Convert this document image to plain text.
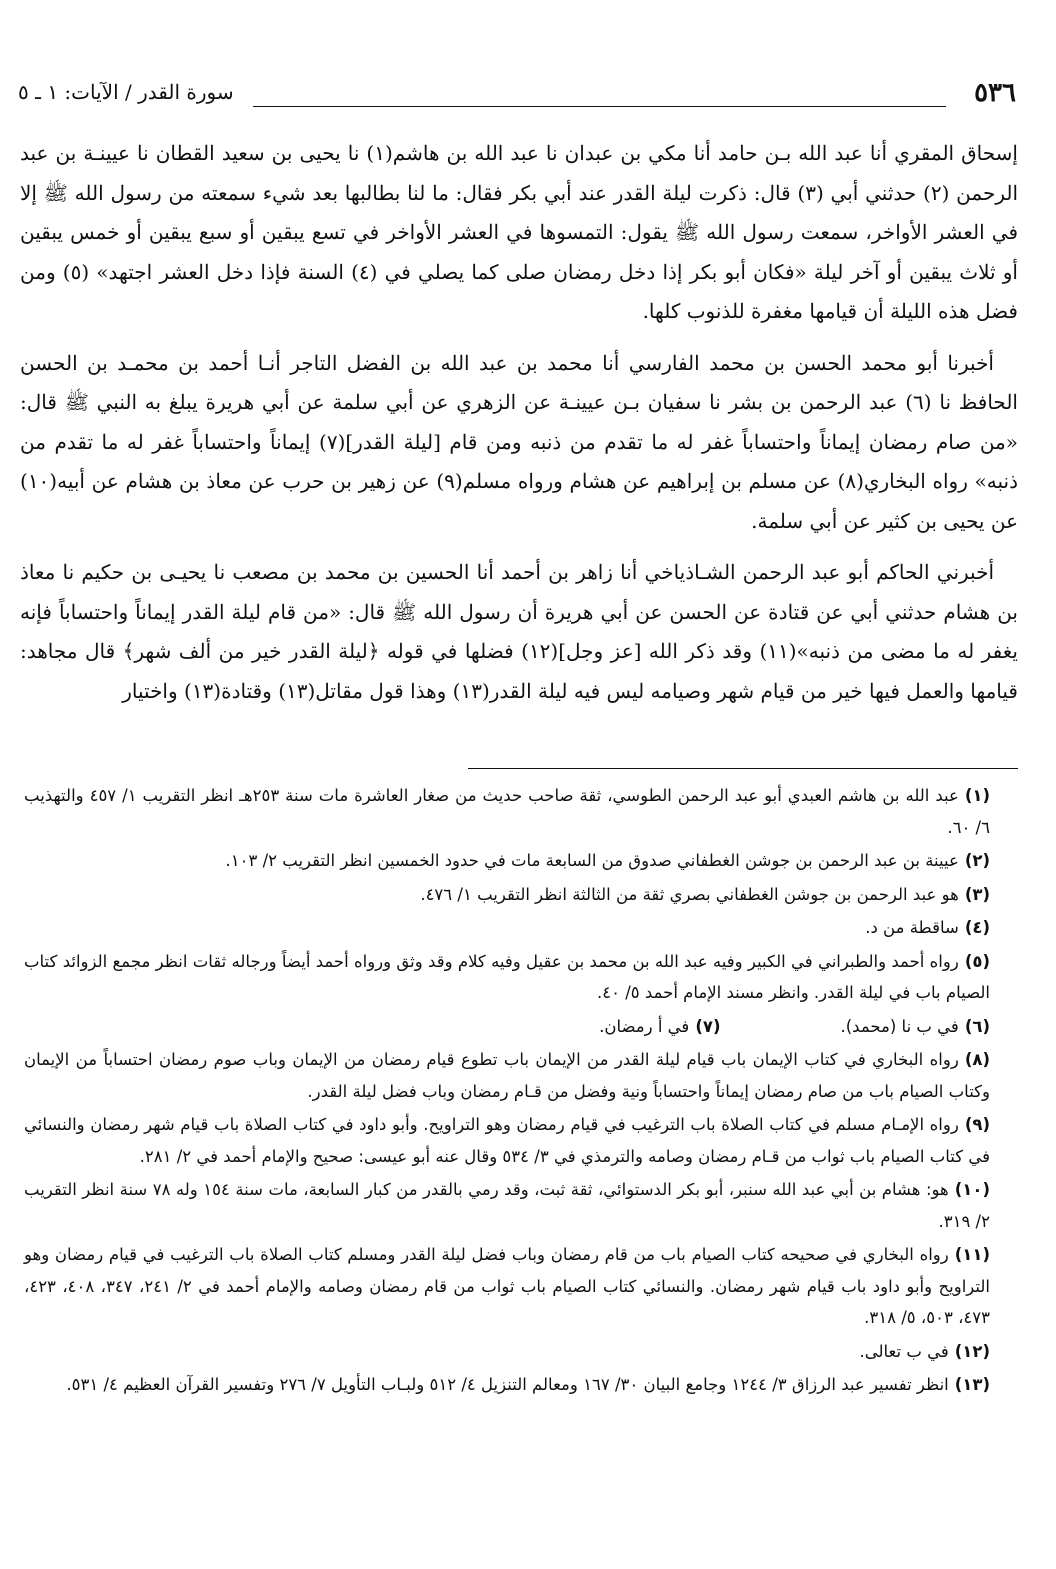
٥٣٦
سورة القدر / الآيات: ١ ـ ٥

إسحاق المقري أنا عبد الله بـن حامد أنا مكي بن عبدان نا عبد الله بن هاشم(١) نا يحيى بن سعيد القطان نا عيينـة بن عبد الرحمن (٢) حدثني أبي (٣) قال: ذكرت ليلة القدر عند أبي بكر فقال: ما لنا بطالبها بعد شيء سمعته من رسول الله ﷺ إلا في العشر الأواخر، سمعت رسول الله ﷺ يقول: التمسوها في العشر الأواخر في تسع يبقين أو سبع يبقين أو خمس يبقين أو ثلاث يبقين أو آخر ليلة «فكان أبو بكر إذا دخل رمضان صلى كما يصلي في (٤) السنة فإذا دخل العشر اجتهد» (٥) ومن فضل هذه الليلة أن قيامها مغفرة للذنوب كلها.

أخبرنا أبو محمد الحسن بن محمد الفارسي أنا محمد بن عبد الله بن الفضل التاجر أنـا أحمد بن محمـد بن الحسن الحافظ نا (٦) عبد الرحمن بن بشر نا سفيان بـن عيينـة عن الزهري عن أبي سلمة عن أبي هريرة يبلغ به النبي ﷺ قال: «من صام رمضان إيماناً واحتساباً غفر له ما تقدم من ذنبه ومن قام [ليلة القدر](٧) إيماناً واحتساباً غفر له ما تقدم من ذنبه» رواه البخاري(٨) عن مسلم بن إبراهيم عن هشام ورواه مسلم(٩) عن زهير بن حرب عن معاذ بن هشام عن أبيه(١٠) عن يحيى بن كثير عن أبي سلمة.

أخبرني الحاكم أبو عبد الرحمن الشـاذياخي أنا زاهر بن أحمد أنا الحسين بن محمد بن مصعب نا يحيـى بن حكيم نا معاذ بن هشام حدثني أبي عن قتادة عن الحسن عن أبي هريرة أن رسول الله ﷺ قال: «من قام ليلة القدر إيماناً واحتساباً فإنه يغفر له ما مضى من ذنبه»(١١) وقد ذكر الله [عز وجل](١٢) فضلها في قوله ﴿ليلة القدر خير من ألف شهر﴾ قال مجاهد: قيامها والعمل فيها خير من قيام شهر وصيامه ليس فيه ليلة القدر(١٣) وهذا قول مقاتل(١٣) وقتادة(١٣) واختيار

(١)عبد الله بن هاشم العبدي أبو عبد الرحمن الطوسي، ثقة صاحب حديث من صغار العاشرة مات سنة ٢٥٣هـ انظر التقريب ١/ ٤٥٧ والتهذيب ٦/ ٦٠.

(٢)عيينة بن عبد الرحمن بن جوشن الغطفاني صدوق من السابعة مات في حدود الخمسين انظر التقريب ٢/ ١٠٣.

(٣)هو عبد الرحمن بن جوشن الغطفاني بصري ثقة من الثالثة انظر التقريب ١/ ٤٧٦.

(٤)ساقطة من د.

(٥)رواه أحمد والطبراني في الكبير وفيه عبد الله بن محمد بن عقيل وفيه كلام وقد وثق ورواه أحمد أيضاً ورجاله ثقات انظر مجمع الزوائد كتاب الصيام باب في ليلة القدر. وانظر مسند الإمام أحمد ٥/ ٤٠.

(٦)في ب نا (محمد).
(٧)في أ رمضان.

(٨)رواه البخاري في كتاب الإيمان باب قيام ليلة القدر من الإيمان باب تطوع قيام رمضان من الإيمان وباب صوم رمضان احتساباً من الإيمان وكتاب الصيام باب من صام رمضان إيماناً واحتساباً ونية وفضل من قـام رمضان وباب فضل ليلة القدر.

(٩)رواه الإمـام مسلم في كتاب الصلاة باب الترغيب في قيام رمضان وهو التراويح. وأبو داود في كتاب الصلاة باب قيام شهر رمضان والنسائي في كتاب الصيام باب ثواب من قـام رمضان وصامه والترمذي في ٣/ ٥٣٤ وقال عنه أبو عيسى: صحيح والإمام أحمد في ٢/ ٢٨١.

(١٠)هو: هشام بن أبي عبد الله سنبر، أبو بكر الدستوائي، ثقة ثبت، وقد رمي بالقدر من كبار السابعة، مات سنة ١٥٤ وله ٧٨ سنة انظر التقريب ٢/ ٣١٩.

(١١)رواه البخاري في صحيحه كتاب الصيام باب من قام رمضان وباب فضل ليلة القدر ومسلم كتاب الصلاة باب الترغيب في قيام رمضان وهو التراويح وأبو داود باب قيام شهر رمضان. والنسائي كتاب الصيام باب ثواب من قام رمضان وصامه والإمام أحمد في ٢/ ٢٤١، ٣٤٧، ٤٠٨، ٤٢٣، ٤٧٣، ٥٠٣، ٥/ ٣١٨.

(١٢)في ب تعالى.

(١٣)انظر تفسير عبد الرزاق ٣/ ١٢٤٤ وجامع البيان ٣٠/ ١٦٧ ومعالم التنزيل ٤/ ٥١٢ ولبـاب التأويل ٧/ ٢٧٦ وتفسير القرآن العظيم ٤/ ٥٣١.
